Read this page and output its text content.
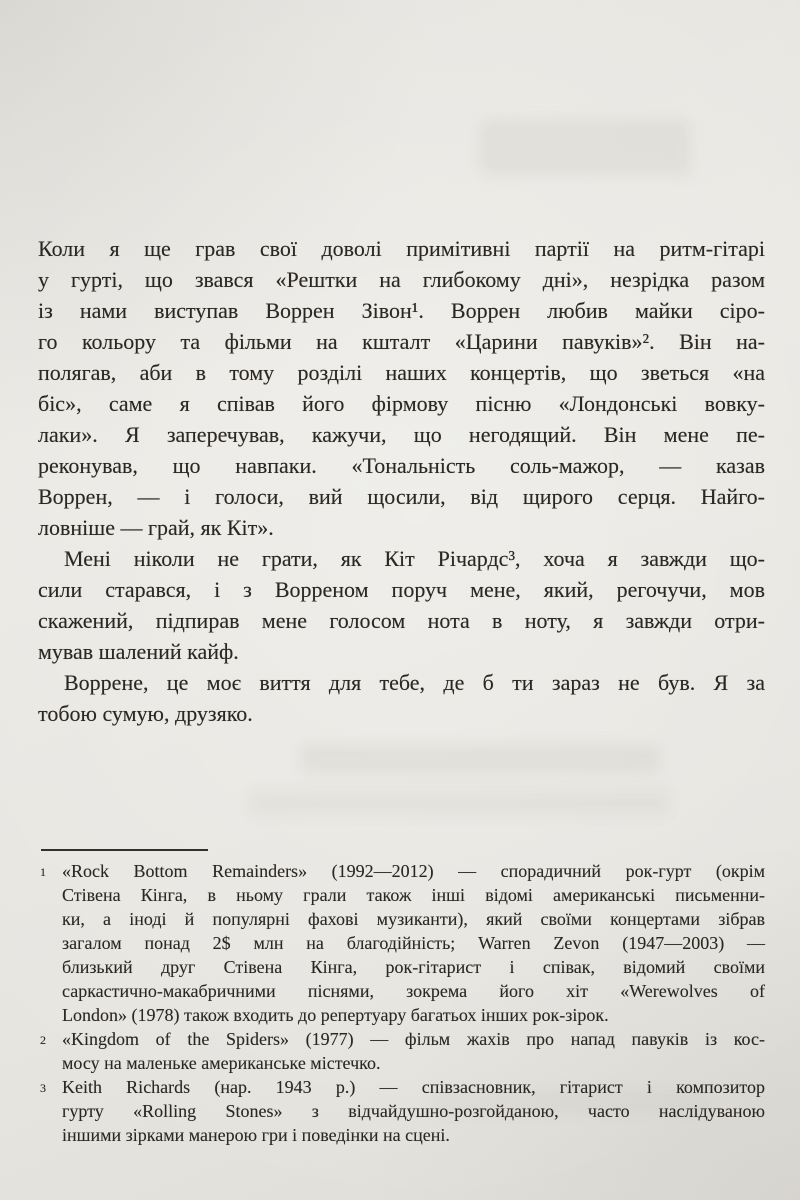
Коли я ще грав свої доволі примітивні партії на ритм-гітарі
у гурті, що звався «Рештки на глибокому дні», незрідка разом
із нами виступав Воррен Зівон¹. Воррен любив майки сіро-
го кольору та фільми на кшталт «Царини павуків»². Він на-
полягав, аби в тому розділі наших концертів, що зветься «на
біс», саме я співав його фірмову пісню «Лондонські вовку-
лаки». Я заперечував, кажучи, що негодящий. Він мене пе-
реконував, що навпаки. «Тональність соль-мажор, — казав
Воррен, — і голоси, вий щосили, від щирого серця. Найго-
ловніше — грай, як Кіт».
Мені ніколи не грати, як Кіт Річардс³, хоча я завжди що-
сили старався, і з Ворреном поруч мене, який, регочучи, мов
скажений, підпирав мене голосом нота в ноту, я завжди отри-
мував шалений кайф.
Воррене, це моє виття для тебе, де б ти зараз не був. Я за
тобою сумую, друзяко.
1 «Rock Bottom Remainders» (1992—2012) — спорадичний рок-гурт (окрім
Стівена Кінга, в ньому грали також інші відомі американські письменни-
ки, а іноді й популярні фахові музиканти), який своїми концертами зібрав
загалом понад 2$ млн на благодійність; Warren Zevon (1947—2003) —
близький друг Стівена Кінга, рок-гітарист і співак, відомий своїми
саркастично-макабричними піснями, зокрема його хіт «Werewolves of
London» (1978) також входить до репертуару багатьох інших рок-зірок.
2 «Kingdom of the Spiders» (1977) — фільм жахів про напад павуків із кос-
мосу на маленьке американське містечко.
3 Keith Richards (нар. 1943 р.) — співзасновник, гітарист і композитор
гурту «Rolling Stones» з відчайдушно-розгойданою, часто наслідуваною
іншими зірками манерою гри і поведінки на сцені.
